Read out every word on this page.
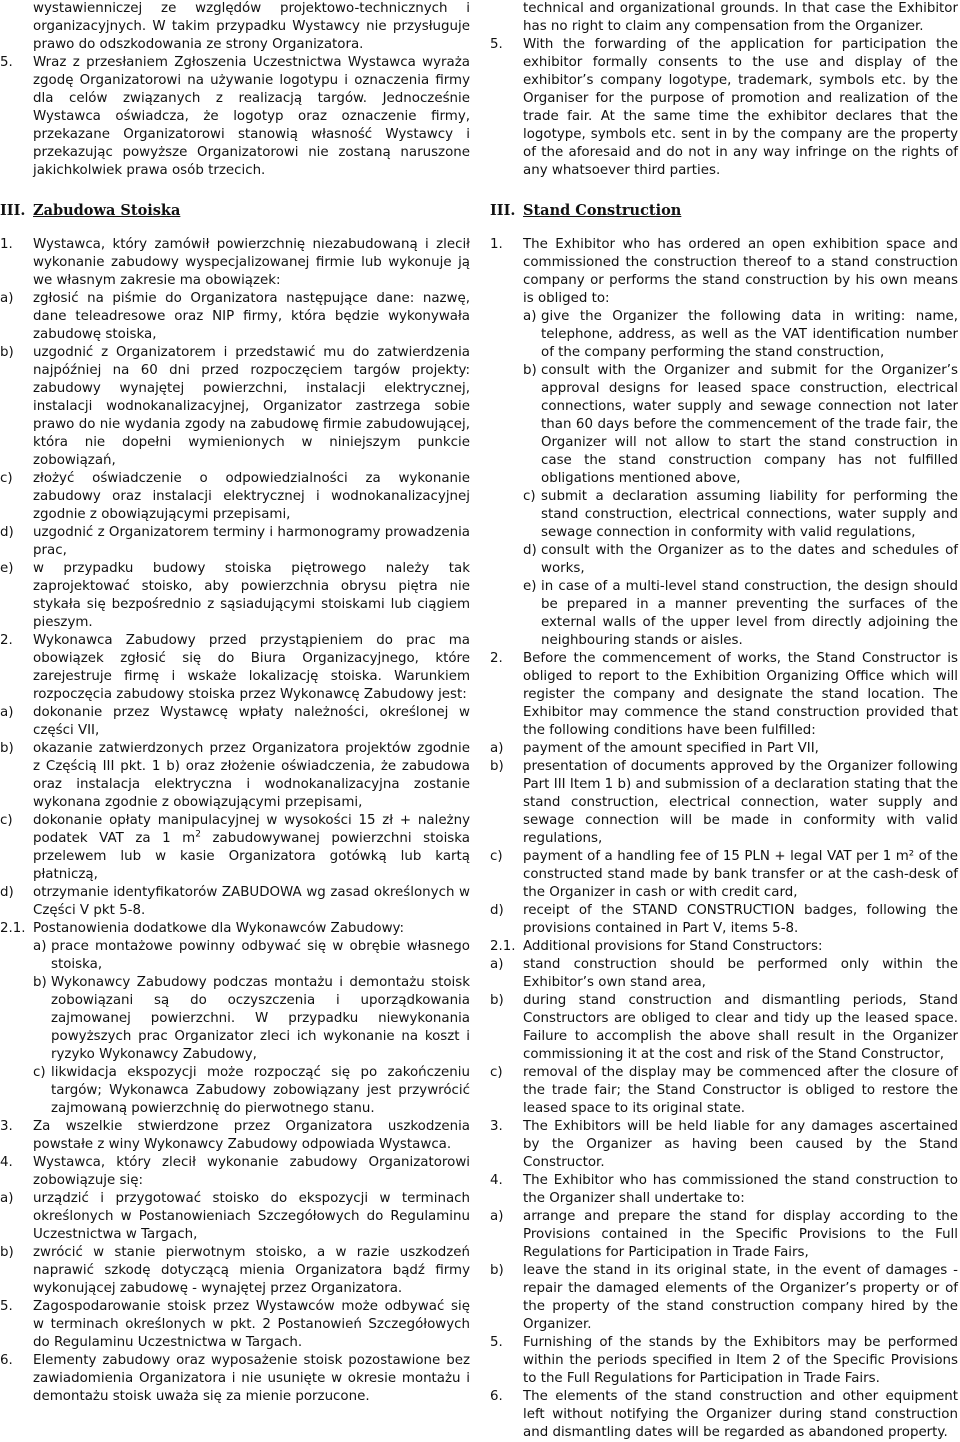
wystawienniczej ze względów projektowo-technicznych i organizacyjnych. W takim przypadku Wystawcy nie przysługuje prawo do odszkodowania ze strony Organizatora.

5. Wraz z przesłaniem Zgłoszenia Uczestnictwa Wystawca wyraża zgodę Organizatorowi na używanie logotypu i oznaczenia firmy dla celów związanych z realizacją targów. Jednocześnie Wystawca oświadcza, że logotyp oraz oznaczenie firmy, przekazane Organizatorowi stanowią własność Wystawcy i przekazując powyższe Organizatorowi nie zostaną naruszone jakichkolwiek prawa osób trzecich.
III. Zabudowa Stoiska
1. Wystawca, który zamówił powierzchnię niezabudowaną i zlecił wykonanie zabudowy wyspecjalizowanej firmie lub wykonuje ją we własnym zakresie ma obowiązek:
a) zgłosić na piśmie do Organizatora następujące dane: nazwę, dane teleadresowe oraz NIP firmy, która będzie wykonywała zabudowę stoiska,
b) uzgodnić z Organizatorem i przedstawić mu do zatwierdzenia najpóźniej na 60 dni przed rozpoczęciem targów projekty: zabudowy wynajętej powierzchni, instalacji elektrycznej, instalacji wodnokanalizacyjnej, Organizator zastrzega sobie prawo do nie wydania zgody na zabudowę firmie zabudowującej, która nie dopełni wymienionych w niniejszym punkcie zobowiązań,
c) złożyć oświadczenie o odpowiedzialności za wykonanie zabudowy oraz instalacji elektrycznej i wodnokanalizacyjnej zgodnie z obowiązującymi przepisami,
d) uzgodnić z Organizatorem terminy i harmonogramy prowadzenia prac,
e) w przypadku budowy stoiska piętrowego należy tak zaprojektować stoisko, aby powierzchnia obrysu piętra nie stykała się bezpośrednio z sąsiadującymi stoiskami lub ciągiem pieszym.
2. Wykonawca Zabudowy przed przystąpieniem do prac ma obowiązek zgłosić się do Biura Organizacyjnego, które zarejestruje firmę i wskaże lokalizację stoiska. Warunkiem rozpoczęcia zabudowy stoiska przez Wykonawcę Zabudowy jest:
a) dokonanie przez Wystawcę wpłaty należności, określonej w części VII,
b) okazanie zatwierdzonych przez Organizatora projektów zgodnie z Częścią III pkt. 1 b) oraz złożenie oświadczenia, że zabudowa oraz instalacja elektryczna i wodnokanalizacyjna zostanie wykonana zgodnie z obowiązującymi przepisami,
c) dokonanie opłaty manipulacyjnej w wysokości 15 zł + należny podatek VAT za 1 $m^2$ zabudowywanej powierzchni stoiska przelewem lub w kasie Organizatora gotówką lub kartą płatniczą,
d) otrzymanie identyfikatorów ZABUDOWA wg zasad określonych w Części V pkt 5-8.
2.1. Postanowienia dodatkowe dla Wykonawców Zabudowy:
a) prace montażowe powinny odbywać się w obrębie własnego stoiska,
b) Wykonawcy Zabudowy podczas montażu i demontażu stoisk zobowiązani są do oczyszczenia i uporządkowania zajmowanej powierzchni. W przypadku niewykonania powyższych prac Organizator zleci ich wykonanie na koszt i ryzyko Wykonawcy Zabudowy,
c) likwidacja ekspozycji może rozpocząć się po zakończeniu targów; Wykonawca Zabudowy zobowiązany jest przywrócić zajmowaną powierzchnię do pierwotnego stanu.
3. Za wszelkie stwierdzone przez Organizatora uszkodzenia powstałe z winy Wykonawcy Zabudowy odpowiada Wystawca.
4. Wystawca, który zlecił wykonanie zabudowy Organizatorowi zobowiązuje się:
a) urządzić i przygotować stoisko do ekspozycji w terminach określonych w Postanowieniach Szczegółowych do Regulaminu Uczestnictwa w Targach,
b) zwrócić w stanie pierwotnym stoisko, a w razie uszkodzeń naprawić szkodę dotyczącą mienia Organizatora bądź firmy wykonującej zabudowę - wynajętej przez Organizatora.
5. Zagospodarowanie stoisk przez Wystawców może odbywać się w terminach określonych w pkt. 2 Postanowień Szczegółowych do Regulaminu Uczestnictwa w Targach.
6. Elementy zabudowy oraz wyposażenie stoisk pozostawione bez zawiadomienia Organizatora i nie usunięte w okresie montażu i demontażu stoisk uważa się za mienie porzucone.

technical and organizational grounds. In that case the Exhibitor has no right to claim any compensation from the Organizer.

5. With the forwarding of the application for participation the exhibitor formally consents to the use and display of the exhibitor’s company logotype, trademark, symbols etc. by the Organiser for the purpose of promotion and realization of the trade fair. At the same time the exhibitor declares that the logotype, symbols etc. sent in by the company are the property of the aforesaid and do not in any way infringe on the rights of any whatsoever third parties.
III. Stand Construction
1. The Exhibitor who has ordered an open exhibition space and commissioned the construction thereof to a stand construction company or performs the stand construction by his own means is obliged to:
a) give the Organizer the following data in writing: name, telephone, address, as well as the VAT identification number of the company performing the stand construction,
b) consult with the Organizer and submit for the Organizer’s approval designs for leased space construction, electrical connections, water supply and sewage connection not later than 60 days before the commencement of the trade fair, the Organizer will not allow to start the stand construction in case the stand construction company has not fulfilled obligations mentioned above,
c) submit a declaration assuming liability for performing the stand construction, electrical connections, water supply and sewage connection in conformity with valid regulations,
d) consult with the Organizer as to the dates and schedules of works,
e) in case of a multi-level stand construction, the design should be prepared in a manner preventing the surfaces of the external walls of the upper level from directly adjoining the neighbouring stands or aisles.
2. Before the commencement of works, the Stand Constructor is obliged to report to the Exhibition Organizing Office which will register the company and designate the stand location. The Exhibitor may commence the stand construction provided that the following conditions have been fulfilled:
a) payment of the amount specified in Part VII,
b) presentation of documents approved by the Organizer following Part III Item 1 b) and submission of a declaration stating that the stand construction, electrical connection, water supply and sewage connection will be made in conformity with valid regulations,
c) payment of a handling fee of 15 PLN + legal VAT per 1 m² of the constructed stand made by bank transfer or at the cash-desk of the Organizer in cash or with credit card,
d) receipt of the STAND CONSTRUCTION badges, following the provisions contained in Part V, items 5-8.
2.1. Additional provisions for Stand Constructors:
a) stand construction should be performed only within the Exhibitor’s own stand area,
b) during stand construction and dismantling periods, Stand Constructors are obliged to clear and tidy up the leased space. Failure to accomplish the above shall result in the Organizer commissioning it at the cost and risk of the Stand Constructor,
c) removal of the display may be commenced after the closure of the trade fair; the Stand Constructor is obliged to restore the leased space to its original state.
3. The Exhibitors will be held liable for any damages ascertained by the Organizer as having been caused by the Stand Constructor.
4. The Exhibitor who has commissioned the stand construction to the Organizer shall undertake to:
a) arrange and prepare the stand for display according to the Provisions contained in the Specific Provisions to the Full Regulations for Participation in Trade Fairs,
b) leave the stand in its original state, in the event of damages - repair the damaged elements of the Organizer’s property or of the property of the stand construction company hired by the Organizer.
5. Furnishing of the stands by the Exhibitors may be performed within the periods specified in Item 2 of the Specific Provisions to the Full Regulations for Participation in Trade Fairs.
6. The elements of the stand construction and other equipment left without notifying the Organizer during stand construction and dismantling dates will be regarded as abandoned property.
